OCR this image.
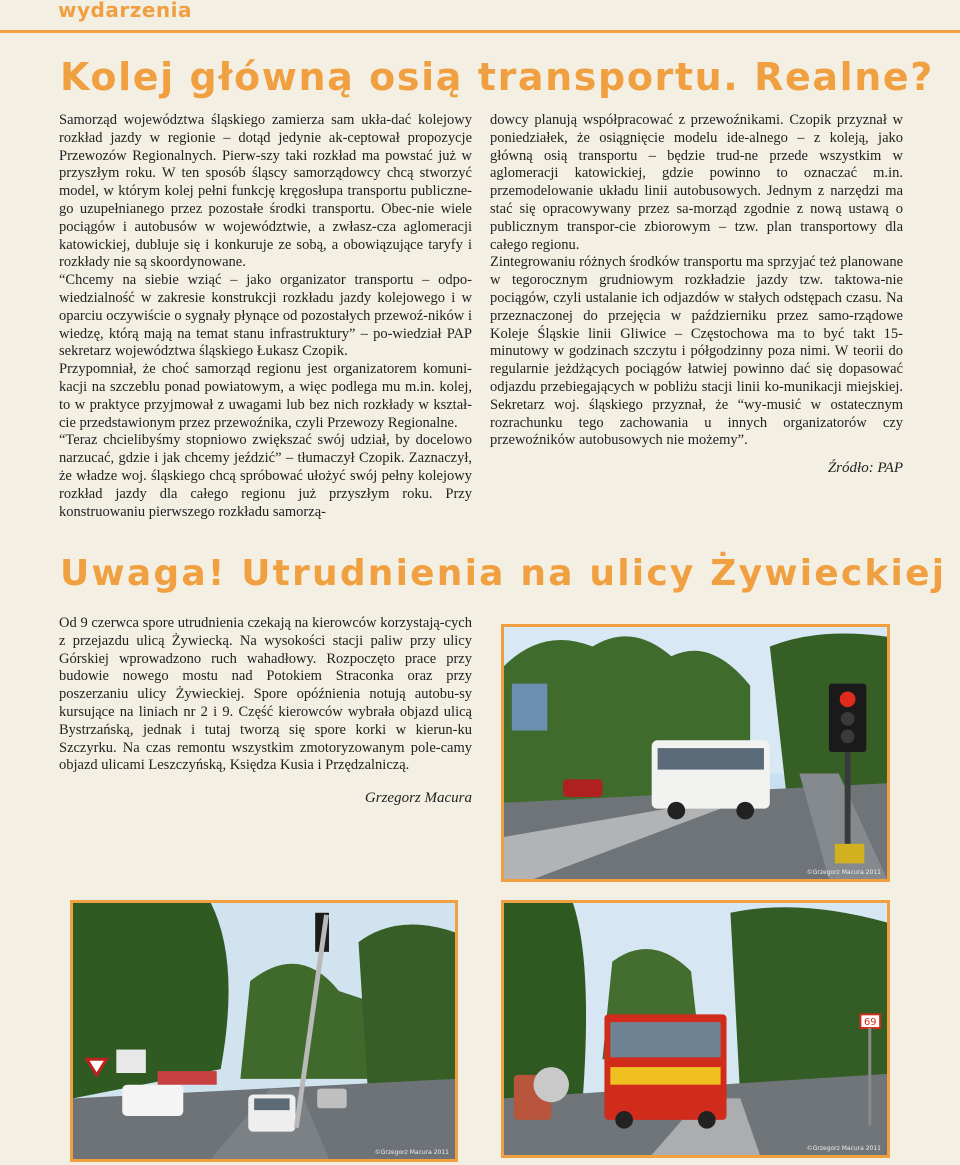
wydarzenia
Kolej główną osią transportu. Realne?

Samorząd województwa śląskiego zamierza sam ukła-dać kolejowy rozkład jazdy w regionie – dotąd jedynie ak-ceptował propozycje Przewozów Regionalnych. Pierw-szy taki rozkład ma powstać już w przyszłym roku. W ten sposób śląscy samorządowcy chcą stworzyć model, w którym kolej pełni funkcję kręgosłupa transportu publiczne-go uzupełnianego przez pozostałe środki transportu. Obec-nie wiele pociągów i autobusów w województwie, a zwłasz-cza aglomeracji katowickiej, dubluje się i konkuruje ze sobą, a obowiązujące taryfy i rozkłady nie są skoordynowane.

“Chcemy na siebie wziąć – jako organizator transportu – odpo-wiedzialność w zakresie konstrukcji rozkładu jazdy kolejowego i w oparciu oczywiście o sygnały płynące od pozostałych przewoź-ników i wiedzę, którą mają na temat stanu infrastruktury” – po-wiedział PAP sekretarz województwa śląskiego Łukasz Czopik.

Przypomniał, że choć samorząd regionu jest organizatorem komuni-kacji na szczeblu ponad powiatowym, a więc podlega mu m.in. kolej, to w praktyce przyjmował z uwagami lub bez nich rozkłady w kształ-cie przedstawionym przez przewoźnika, czyli Przewozy Regionalne.

“Teraz chcielibyśmy stopniowo zwiększać swój udział, by docelowo narzucać, gdzie i jak chcemy jeździć” – tłumaczył Czopik. Zaznaczył, że władze woj. śląskiego chcą spróbować ułożyć swój pełny kolejowy rozkład jazdy dla całego regionu już przyszłym roku. Przy konstruowaniu pierwszego rozkładu samorzą-

dowcy planują współpracować z przewoźnikami. Czopik przyznał w poniedziałek, że osiągnięcie modelu ide-alnego – z koleją, jako główną osią transportu – będzie trud-ne przede wszystkim w aglomeracji katowickiej, gdzie powinno to oznaczać m.in. przemodelowanie układu linii autobusowych. Jednym z narzędzi ma stać się opracowywany przez sa-morząd zgodnie z nową ustawą o publicznym transpor-cie zbiorowym – tzw. plan transportowy dla całego regionu.

Zintegrowaniu różnych środków transportu ma sprzyjać też planowane w tegorocznym grudniowym rozkładzie jazdy tzw. taktowa-nie pociągów, czyli ustalanie ich odjazdów w stałych odstępach czasu. Na przeznaczonej do przejęcia w październiku przez samo-rządowe Koleje Śląskie linii Gliwice – Częstochowa ma to być takt 15-minutowy w godzinach szczytu i półgodzinny poza nimi. W teorii do regularnie jeżdżących pociągów łatwiej powinno dać się dopasować odjazdu przebiegających w pobliżu stacji linii ko-munikacji miejskiej. Sekretarz woj. śląskiego przyznał, że “wy-musić w ostatecznym rozrachunku tego zachowania u innych organizatorów czy przewoźników autobusowych nie możemy”.

Źródło: PAP
Uwaga! Utrudnienia na ulicy Żywieckiej

Od 9 czerwca spore utrudnienia czekają na kierowców korzystają-cych z przejazdu ulicą Żywiecką. Na wysokości stacji paliw przy ulicy Górskiej wprowadzono ruch wahadłowy. Rozpoczęto prace przy budowie nowego mostu nad Potokiem Straconka oraz przy poszerzaniu ulicy Żywieckiej. Spore opóźnienia notują autobu-sy kursujące na liniach nr 2 i 9. Część kierowców wybrała objazd ulicą Bystrzańską, jednak i tutaj tworzą się spore korki w kierun-ku Szczyrku. Na czas remontu wszystkim zmotoryzowanym pole-camy objazd ulicami Leszczyńską, Księdza Kusia i Przędzalniczą.

Grzegorz Macura
©Grzegorz Macura 2011
©Grzegorz Macura 2011
69
©Grzegorz Macura 2011
